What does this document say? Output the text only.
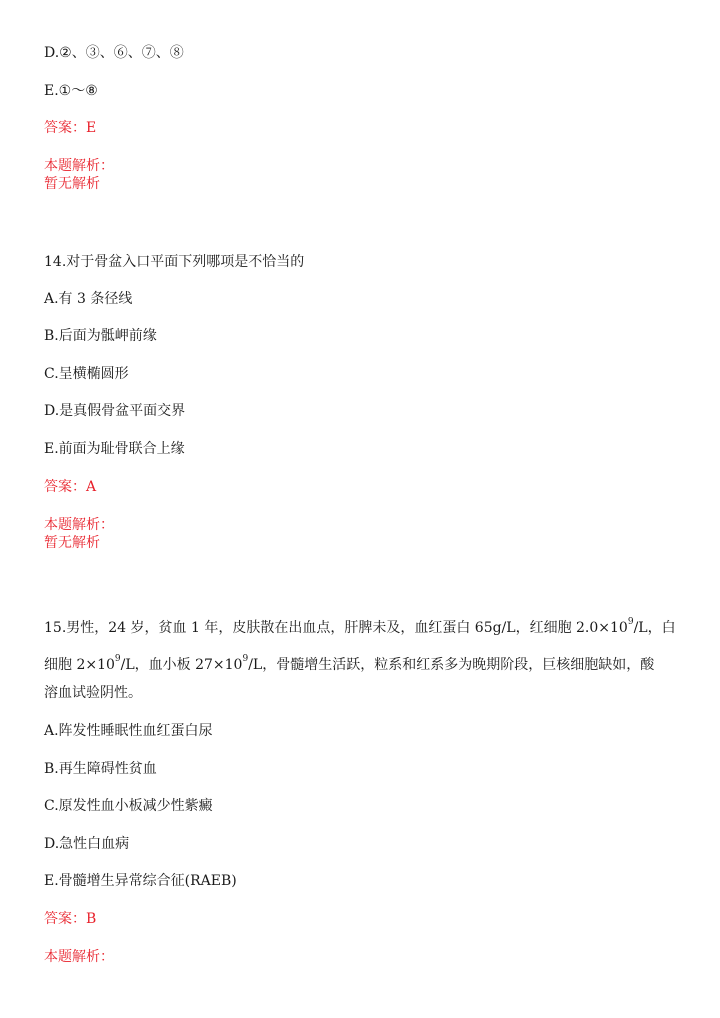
D.②、③、⑥、⑦、⑧
E.①～⑧
答案：E
本题解析：
暂无解析
14.对于骨盆入口平面下列哪项是不恰当的
A.有 3 条径线
B.后面为骶岬前缘
C.呈横椭圆形
D.是真假骨盆平面交界
E.前面为耻骨联合上缘
答案：A
本题解析：
暂无解析
15.男性，24 岁，贫血 1 年，皮肤散在出血点，肝脾未及，血红蛋白 65g/L，红细胞 $2.0\times 10^9/L$，白
细胞 $2\times 10^9/L$，血小板 $27\times 10^9/L$，骨髓增生活跃，粒系和红系多为晚期阶段，巨核细胞缺如，酸
溶血试验阴性。
A.阵发性睡眠性血红蛋白尿
B.再生障碍性贫血
C.原发性血小板减少性紫癜
D.急性白血病
E.骨髓增生异常综合征(RAEB)
答案：B
本题解析：
